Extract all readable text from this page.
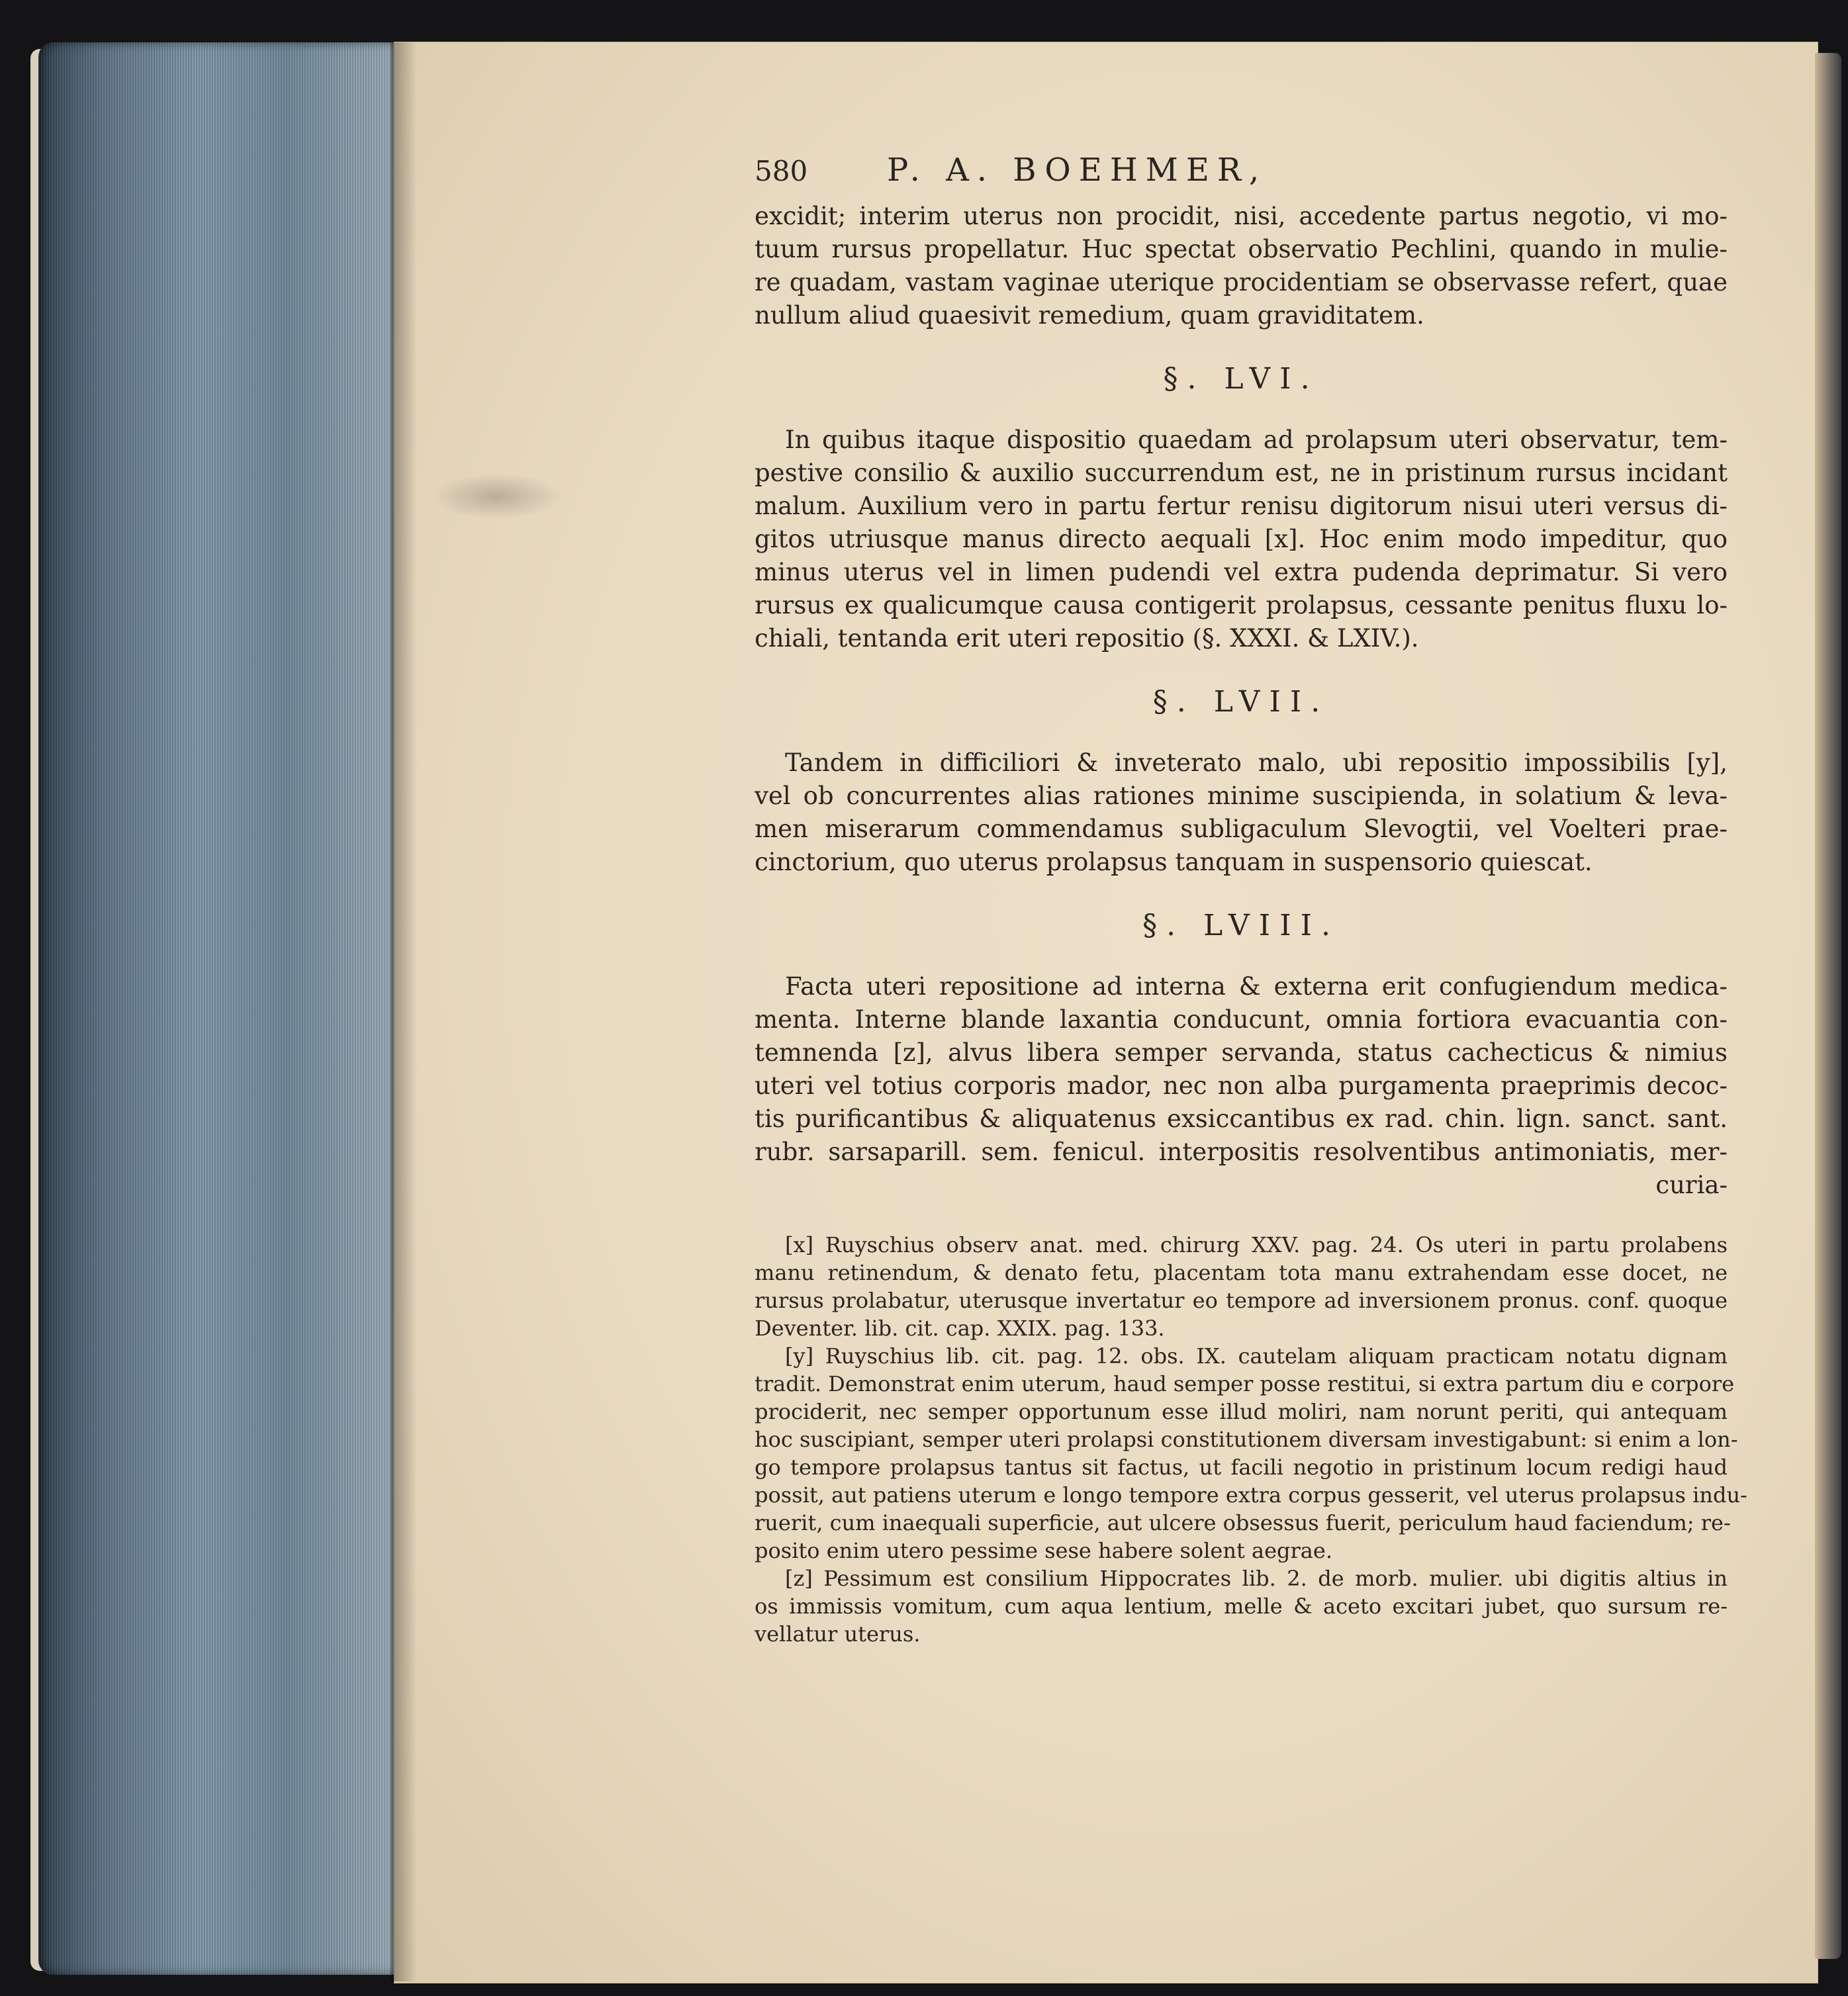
580	P. A. BOEHMER,
excidit; interim uterus non procidit, nisi, accedente partus negotio, vi mo-
tuum rursus propellatur. Huc spectat observatio Pechlini, quando in mulie-
re quadam, vastam vaginae uterique procidentiam se observasse refert, quae
nullum aliud quaesivit remedium, quam graviditatem.
§. LVI.
In quibus itaque dispositio quaedam ad prolapsum uteri observatur, tem-
pestive consilio & auxilio succurrendum est, ne in pristinum rursus incidant
malum. Auxilium vero in partu fertur renisu digitorum nisui uteri versus di-
gitos utriusque manus directo aequali [x]. Hoc enim modo impeditur, quo
minus uterus vel in limen pudendi vel extra pudenda deprimatur. Si vero
rursus ex qualicumque causa contigerit prolapsus, cessante penitus fluxu lo-
chiali, tentanda erit uteri repositio (§. XXXI. & LXIV.).
§. LVII.
Tandem in difficiliori & inveterato malo, ubi repositio impossibilis [y],
vel ob concurrentes alias rationes minime suscipienda, in solatium & leva-
men miserarum commendamus subligaculum Slevogtii, vel Voelteri prae-
cinctorium, quo uterus prolapsus tanquam in suspensorio quiescat.
§. LVIII.
Facta uteri repositione ad interna & externa erit confugiendum medica-
menta. Interne blande laxantia conducunt, omnia fortiora evacuantia con-
temnenda [z], alvus libera semper servanda, status cachecticus & nimius
uteri vel totius corporis mador, nec non alba purgamenta praeprimis decoc-
tis purificantibus & aliquatenus exsiccantibus ex rad. chin. lign. sanct. sant.
rubr. sarsaparill. sem. fenicul. interpositis resolventibus antimoniatis, mer-
curia-
[x] Ruyschius observ anat. med. chirurg XXV. pag. 24. Os uteri in partu prolabens
manu retinendum, & denato fetu, placentam tota manu extrahendam esse docet, ne
rursus prolabatur, uterusque invertatur eo tempore ad inversionem pronus. conf. quoque
Deventer. lib. cit. cap. XXIX. pag. 133.
[y] Ruyschius lib. cit. pag. 12. obs. IX. cautelam aliquam practicam notatu dignam
tradit. Demonstrat enim uterum, haud semper posse restitui, si extra partum diu e corpore
prociderit, nec semper opportunum esse illud moliri, nam norunt periti, qui antequam
hoc suscipiant, semper uteri prolapsi constitutionem diversam investigabunt: si enim a lon-
go tempore prolapsus tantus sit factus, ut facili negotio in pristinum locum redigi haud
possit, aut patiens uterum e longo tempore extra corpus gesserit, vel uterus prolapsus indu-
ruerit, cum inaequali superficie, aut ulcere obsessus fuerit, periculum haud faciendum; re-
posito enim utero pessime sese habere solent aegrae.
[z] Pessimum est consilium Hippocrates lib. 2. de morb. mulier. ubi digitis altius in
os immissis vomitum, cum aqua lentium, melle & aceto excitari jubet, quo sursum re-
vellatur uterus.
